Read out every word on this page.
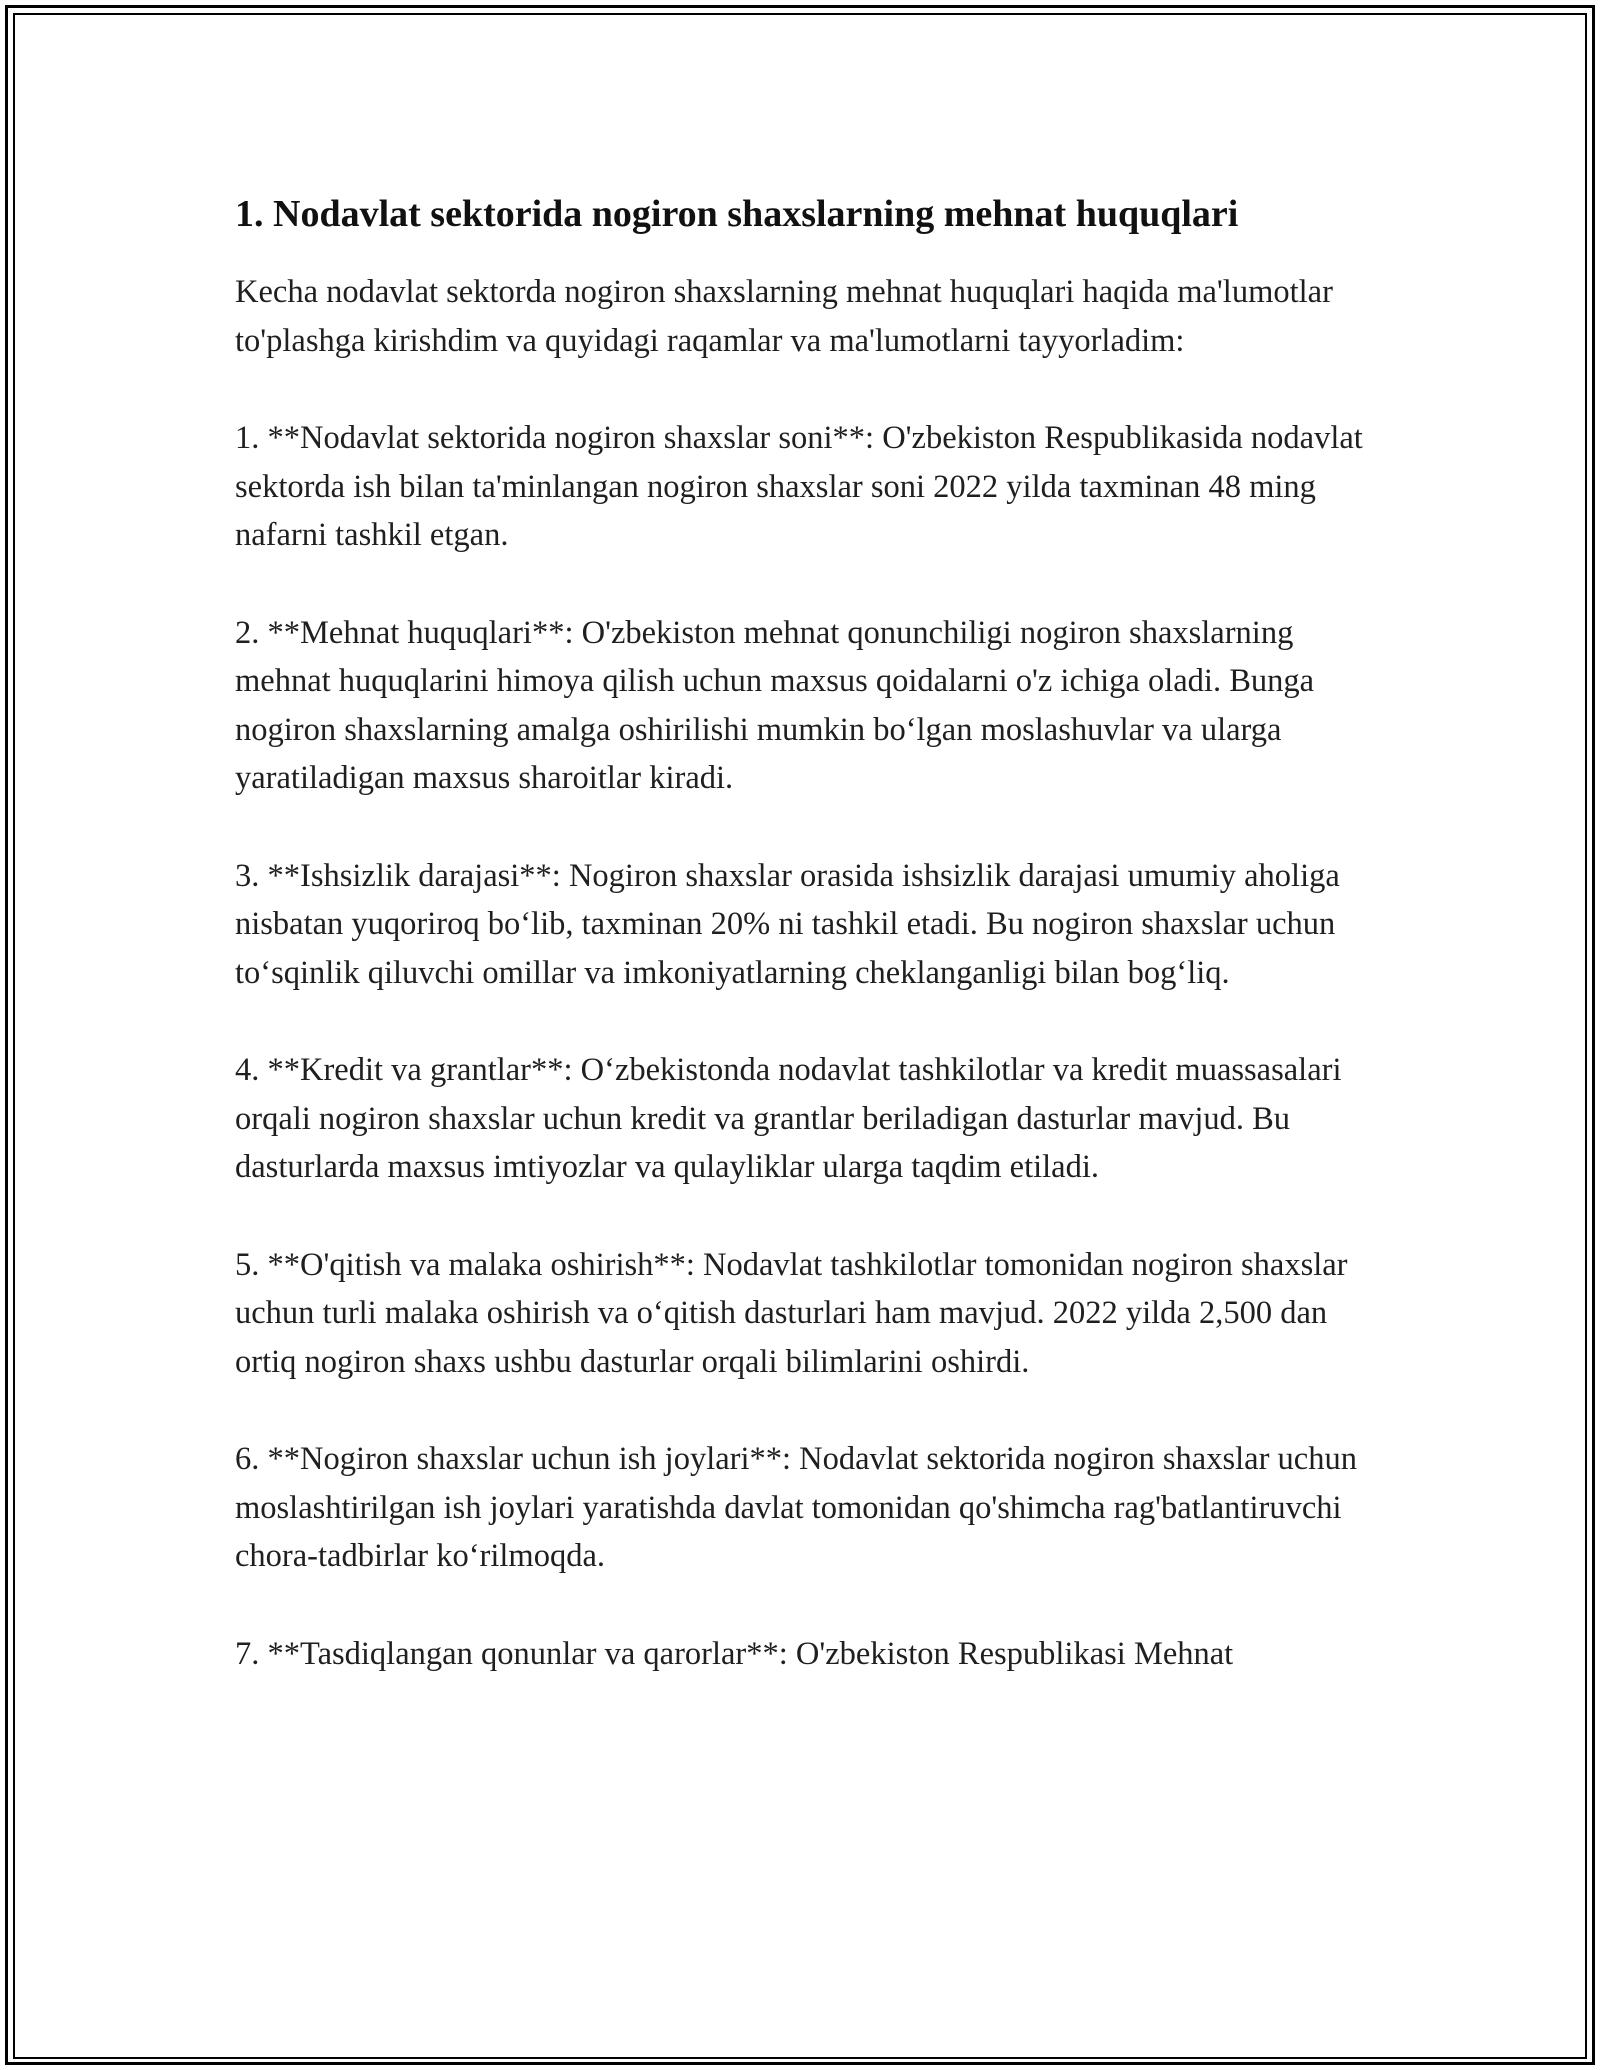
1. Nodavlat sektorida nogiron shaxslarning mehnat huquqlari

Kecha nodavlat sektorda nogiron shaxslarning mehnat huquqlari haqida ma'lumotlar to'plashga kirishdim va quyidagi raqamlar va ma'lumotlarni tayyorladim:

1. **Nodavlat sektorida nogiron shaxslar soni**: O'zbekiston Respublikasida nodavlat sektorda ish bilan ta'minlangan nogiron shaxslar soni 2022 yilda taxminan 48 ming nafarni tashkil etgan.

2. **Mehnat huquqlari**: O'zbekiston mehnat qonunchiligi nogiron shaxslarning mehnat huquqlarini himoya qilish uchun maxsus qoidalarni o'z ichiga oladi. Bunga nogiron shaxslarning amalga oshirilishi mumkin bo‘lgan moslashuvlar va ularga yaratiladigan maxsus sharoitlar kiradi.

3. **Ishsizlik darajasi**: Nogiron shaxslar orasida ishsizlik darajasi umumiy aholiga nisbatan yuqoriroq bo‘lib, taxminan 20% ni tashkil etadi. Bu nogiron shaxslar uchun to‘sqinlik qiluvchi omillar va imkoniyatlarning cheklanganligi bilan bog‘liq.

4. **Kredit va grantlar**: O‘zbekistonda nodavlat tashkilotlar va kredit muassasalari orqali nogiron shaxslar uchun kredit va grantlar beriladigan dasturlar mavjud. Bu dasturlarda maxsus imtiyozlar va qulayliklar ularga taqdim etiladi.

5. **O'qitish va malaka oshirish**: Nodavlat tashkilotlar tomonidan nogiron shaxslar uchun turli malaka oshirish va o‘qitish dasturlari ham mavjud. 2022 yilda 2,500 dan ortiq nogiron shaxs ushbu dasturlar orqali bilimlarini oshirdi.

6. **Nogiron shaxslar uchun ish joylari**: Nodavlat sektorida nogiron shaxslar uchun moslashtirilgan ish joylari yaratishda davlat tomonidan qo'shimcha rag'batlantiruvchi chora-tadbirlar ko‘rilmoqda.

7. **Tasdiqlangan qonunlar va qarorlar**: O'zbekiston Respublikasi Mehnat
